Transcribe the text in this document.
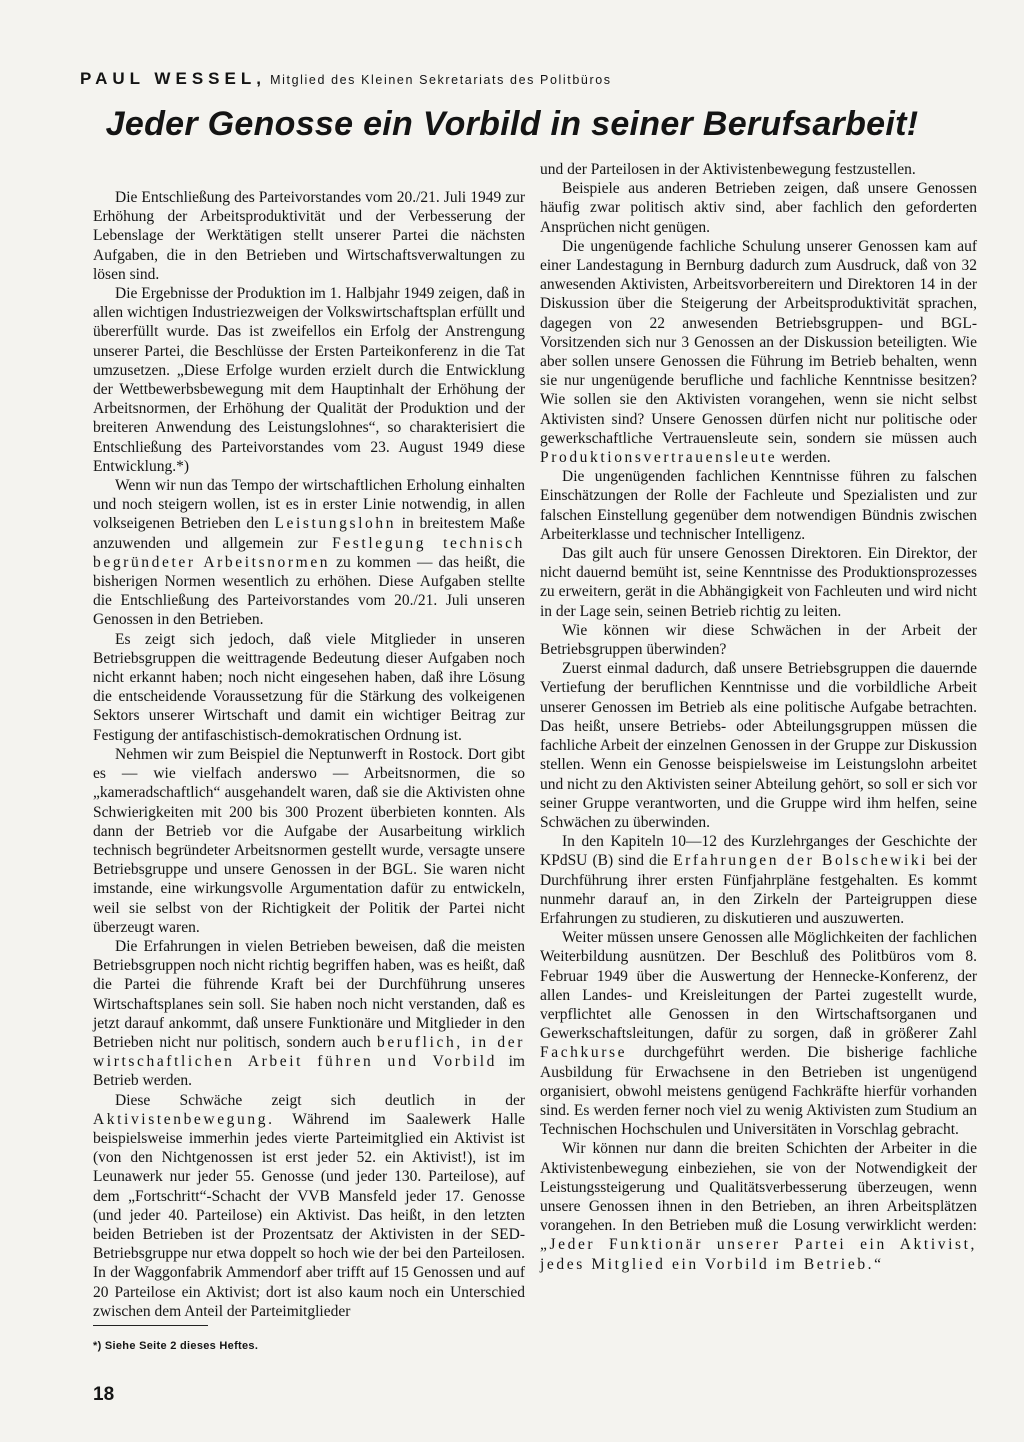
PAUL WESSEL, Mitglied des Kleinen Sekretariats des Politbüros
Jeder Genosse ein Vorbild in seiner Berufsarbeit!

Die Entschließung des Parteivorstandes vom 20./21. Juli 1949 zur Erhöhung der Arbeitsproduktivität und der Verbesserung der Lebenslage der Werktätigen stellt unserer Partei die nächsten Aufgaben, die in den Betrieben und Wirtschaftsverwaltungen zu lösen sind.

Die Ergebnisse der Produktion im 1. Halbjahr 1949 zeigen, daß in allen wichtigen Industriezweigen der Volkswirtschaftsplan erfüllt und übererfüllt wurde. Das ist zweifellos ein Erfolg der Anstrengung unserer Partei, die Beschlüsse der Ersten Parteikonferenz in die Tat umzusetzen. „Diese Erfolge wurden erzielt durch die Entwicklung der Wettbewerbsbewegung mit dem Hauptinhalt der Erhöhung der Arbeitsnormen, der Erhöhung der Qualität der Produktion und der breiteren Anwendung des Leistungslohnes“, so charakterisiert die Entschließung des Parteivorstandes vom 23. August 1949 diese Entwicklung.*)

Wenn wir nun das Tempo der wirtschaftlichen Erholung einhalten und noch steigern wollen, ist es in erster Linie notwendig, in allen volkseigenen Betrieben den Leistungslohn in breitestem Maße anzuwenden und allgemein zur Festlegung technisch begründeter Arbeitsnormen zu kommen — das heißt, die bisherigen Normen wesentlich zu erhöhen. Diese Aufgaben stellte die Entschließung des Parteivorstandes vom 20./21. Juli unseren Genossen in den Betrieben.

Es zeigt sich jedoch, daß viele Mitglieder in unseren Betriebsgruppen die weittragende Bedeutung dieser Aufgaben noch nicht erkannt haben; noch nicht eingesehen haben, daß ihre Lösung die entscheidende Voraussetzung für die Stärkung des volkeigenen Sektors unserer Wirtschaft und damit ein wichtiger Beitrag zur Festigung der antifaschistisch-demokratischen Ordnung ist.

Nehmen wir zum Beispiel die Neptunwerft in Rostock. Dort gibt es — wie vielfach anderswo — Arbeitsnormen, die so „kameradschaftlich“ ausgehandelt waren, daß sie die Aktivisten ohne Schwierigkeiten mit 200 bis 300 Prozent überbieten konnten. Als dann der Betrieb vor die Aufgabe der Ausarbeitung wirklich technisch begründeter Arbeitsnormen gestellt wurde, versagte unsere Betriebsgruppe und unsere Genossen in der BGL. Sie waren nicht imstande, eine wirkungsvolle Argumentation dafür zu entwickeln, weil sie selbst von der Richtigkeit der Politik der Partei nicht überzeugt waren.

Die Erfahrungen in vielen Betrieben beweisen, daß die meisten Betriebsgruppen noch nicht richtig begriffen haben, was es heißt, daß die Partei die führende Kraft bei der Durchführung unseres Wirtschaftsplanes sein soll. Sie haben noch nicht verstanden, daß es jetzt darauf ankommt, daß unsere Funktionäre und Mitglieder in den Betrieben nicht nur politisch, sondern auch beruflich, in der wirtschaftlichen Arbeit führen und Vorbild im Betrieb werden.

Diese Schwäche zeigt sich deutlich in der Aktivistenbewegung. Während im Saalewerk Halle beispielsweise immerhin jedes vierte Parteimitglied ein Aktivist ist (von den Nichtgenossen ist erst jeder 52. ein Aktivist!), ist im Leunawerk nur jeder 55. Genosse (und jeder 130. Parteilose), auf dem „Fortschritt“-Schacht der VVB Mansfeld jeder 17. Genosse (und jeder 40. Parteilose) ein Aktivist. Das heißt, in den letzten beiden Betrieben ist der Prozentsatz der Aktivisten in der SED-Betriebsgruppe nur etwa doppelt so hoch wie der bei den Parteilosen. In der Waggonfabrik Ammendorf aber trifft auf 15 Genossen und auf 20 Parteilose ein Aktivist; dort ist also kaum noch ein Unterschied zwischen dem Anteil der Parteimitglieder

und der Parteilosen in der Aktivistenbewegung festzustellen.

Beispiele aus anderen Betrieben zeigen, daß unsere Genossen häufig zwar politisch aktiv sind, aber fachlich den geforderten Ansprüchen nicht genügen.

Die ungenügende fachliche Schulung unserer Genossen kam auf einer Landestagung in Bernburg dadurch zum Ausdruck, daß von 32 anwesenden Aktivisten, Arbeitsvorbereitern und Direktoren 14 in der Diskussion über die Steigerung der Arbeitsproduktivität sprachen, dagegen von 22 anwesenden Betriebsgruppen- und BGL-Vorsitzenden sich nur 3 Genossen an der Diskussion beteiligten. Wie aber sollen unsere Genossen die Führung im Betrieb behalten, wenn sie nur ungenügende berufliche und fachliche Kenntnisse besitzen? Wie sollen sie den Aktivisten vorangehen, wenn sie nicht selbst Aktivisten sind? Unsere Genossen dürfen nicht nur politische oder gewerkschaftliche Vertrauensleute sein, sondern sie müssen auch Produktionsvertrauensleute werden.

Die ungenügenden fachlichen Kenntnisse führen zu falschen Einschätzungen der Rolle der Fachleute und Spezialisten und zur falschen Einstellung gegenüber dem notwendigen Bündnis zwischen Arbeiterklasse und technischer Intelligenz.

Das gilt auch für unsere Genossen Direktoren. Ein Direktor, der nicht dauernd bemüht ist, seine Kenntnisse des Produktionsprozesses zu erweitern, gerät in die Abhängigkeit von Fachleuten und wird nicht in der Lage sein, seinen Betrieb richtig zu leiten.

Wie können wir diese Schwächen in der Arbeit der Betriebsgruppen überwinden?

Zuerst einmal dadurch, daß unsere Betriebsgruppen die dauernde Vertiefung der beruflichen Kenntnisse und die vorbildliche Arbeit unserer Genossen im Betrieb als eine politische Aufgabe betrachten. Das heißt, unsere Betriebs- oder Abteilungsgruppen müssen die fachliche Arbeit der einzelnen Genossen in der Gruppe zur Diskussion stellen. Wenn ein Genosse beispielsweise im Leistungslohn arbeitet und nicht zu den Aktivisten seiner Abteilung gehört, so soll er sich vor seiner Gruppe verantworten, und die Gruppe wird ihm helfen, seine Schwächen zu überwinden.

In den Kapiteln 10—12 des Kurzlehrganges der Geschichte der KPdSU (B) sind die Erfahrungen der Bolschewiki bei der Durchführung ihrer ersten Fünfjahrpläne festgehalten. Es kommt nunmehr darauf an, in den Zirkeln der Parteigruppen diese Erfahrungen zu studieren, zu diskutieren und auszuwerten.

Weiter müssen unsere Genossen alle Möglichkeiten der fachlichen Weiterbildung ausnützen. Der Beschluß des Politbüros vom 8. Februar 1949 über die Auswertung der Hennecke-Konferenz, der allen Landes- und Kreisleitungen der Partei zugestellt wurde, verpflichtet alle Genossen in den Wirtschaftsorganen und Gewerkschaftsleitungen, dafür zu sorgen, daß in größerer Zahl Fachkurse durchgeführt werden. Die bisherige fachliche Ausbildung für Erwachsene in den Betrieben ist ungenügend organisiert, obwohl meistens genügend Fachkräfte hierfür vorhanden sind. Es werden ferner noch viel zu wenig Aktivisten zum Studium an Technischen Hochschulen und Universitäten in Vorschlag gebracht.

Wir können nur dann die breiten Schichten der Arbeiter in die Aktivistenbewegung einbeziehen, sie von der Notwendigkeit der Leistungssteigerung und Qualitätsverbesserung überzeugen, wenn unsere Genossen ihnen in den Betrieben, an ihren Arbeitsplätzen vorangehen. In den Betrieben muß die Losung verwirklicht werden: „Jeder Funktionär unserer Partei ein Aktivist, jedes Mitglied ein Vorbild im Betrieb.“

*) Siehe Seite 2 dieses Heftes.
18
